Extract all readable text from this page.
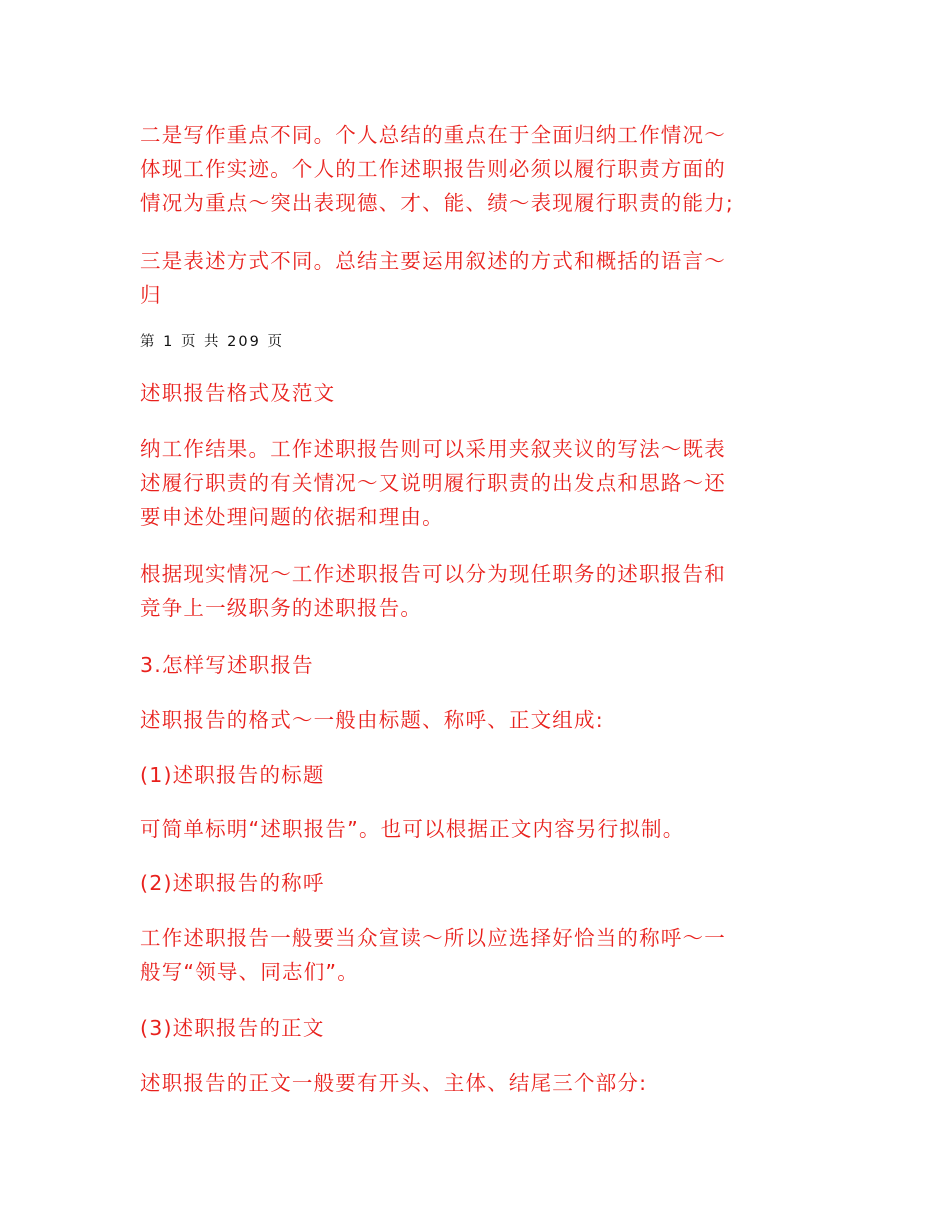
二是写作重点不同。个人总结的重点在于全面归纳工作情况～
体现工作实迹。个人的工作述职报告则必须以履行职责方面的
情况为重点～突出表现德、才、能、绩～表现履行职责的能力;
三是表述方式不同。总结主要运用叙述的方式和概括的语言～
归
第 1 页 共 209 页
述职报告格式及范文
纳工作结果。工作述职报告则可以采用夹叙夹议的写法～既表
述履行职责的有关情况～又说明履行职责的出发点和思路～还
要申述处理问题的依据和理由。
根据现实情况～工作述职报告可以分为现任职务的述职报告和
竞争上一级职务的述职报告。
3.怎样写述职报告
述职报告的格式～一般由标题、称呼、正文组成:
(1)述职报告的标题
可简单标明“述职报告”。也可以根据正文内容另行拟制。
(2)述职报告的称呼
工作述职报告一般要当众宣读～所以应选择好恰当的称呼～一
般写“领导、同志们”。
(3)述职报告的正文
述职报告的正文一般要有开头、主体、结尾三个部分:
